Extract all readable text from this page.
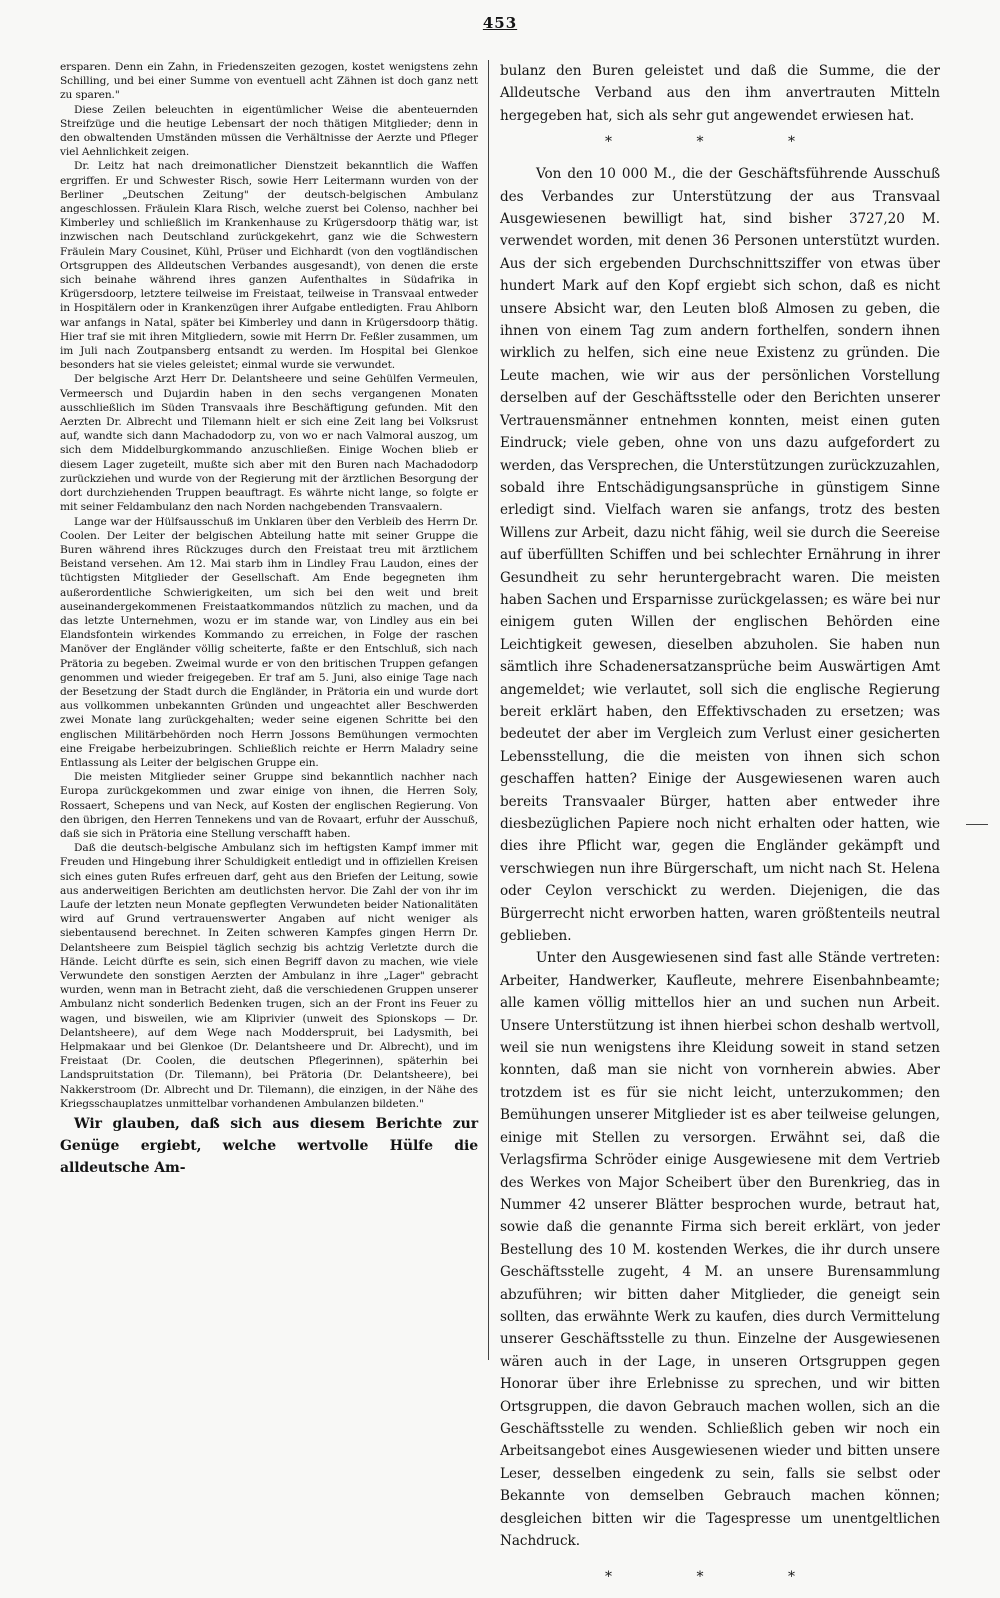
453

ersparen. Denn ein Zahn, in Friedenszeiten gezogen, kostet wenigstens zehn Schilling, und bei einer Summe von eventuell acht Zähnen ist doch ganz nett zu sparen."

Diese Zeilen beleuchten in eigentümlicher Weise die abenteuernden Streifzüge und die heutige Lebensart der noch thätigen Mitglieder; denn in den obwaltenden Umständen müssen die Verhältnisse der Aerzte und Pfleger viel Aehnlichkeit zeigen.

Dr. Leitz hat nach dreimonatlicher Dienstzeit bekanntlich die Waffen ergriffen. Er und Schwester Risch, sowie Herr Leitermann wurden von der Berliner „Deutschen Zeitung" der deutsch-belgischen Ambulanz angeschlossen. Fräulein Klara Risch, welche zuerst bei Colenso, nachher bei Kimberley und schließlich im Krankenhause zu Krügersdoorp thätig war, ist inzwischen nach Deutschland zurückgekehrt, ganz wie die Schwestern Fräulein Mary Cousinet, Kühl, Prüser und Eichhardt (von den vogtländischen Ortsgruppen des Alldeutschen Verbandes ausgesandt), von denen die erste sich beinahe während ihres ganzen Aufenthaltes in Südafrika in Krügersdoorp, letztere teilweise im Freistaat, teilweise in Transvaal entweder in Hospitälern oder in Krankenzügen ihrer Aufgabe entledigten. Frau Ahlborn war anfangs in Natal, später bei Kimberley und dann in Krügersdoorp thätig. Hier traf sie mit ihren Mitgliedern, sowie mit Herrn Dr. Feßler zusammen, um im Juli nach Zoutpansberg entsandt zu werden. Im Hospital bei Glenkoe besonders hat sie vieles geleistet; einmal wurde sie verwundet.

Der belgische Arzt Herr Dr. Delantsheere und seine Gehülfen Vermeulen, Vermeersch und Dujardin haben in den sechs vergangenen Monaten ausschließlich im Süden Transvaals ihre Beschäftigung gefunden. Mit den Aerzten Dr. Albrecht und Tilemann hielt er sich eine Zeit lang bei Volksrust auf, wandte sich dann Machadodorp zu, von wo er nach Valmoral auszog, um sich dem Middelburgkommando anzuschließen. Einige Wochen blieb er diesem Lager zugeteilt, mußte sich aber mit den Buren nach Machadodorp zurückziehen und wurde von der Regierung mit der ärztlichen Besorgung der dort durchziehenden Truppen beauftragt. Es währte nicht lange, so folgte er mit seiner Feldambulanz den nach Norden nachgebenden Transvaalern.

Lange war der Hülfsausschuß im Unklaren über den Verbleib des Herrn Dr. Coolen. Der Leiter der belgischen Abteilung hatte mit seiner Gruppe die Buren während ihres Rückzuges durch den Freistaat treu mit ärztlichem Beistand versehen. Am 12. Mai starb ihm in Lindley Frau Laudon, eines der tüchtigsten Mitglieder der Gesellschaft. Am Ende begegneten ihm außerordentliche Schwierigkeiten, um sich bei den weit und breit auseinandergekommenen Freistaatkommandos nützlich zu machen, und da das letzte Unternehmen, wozu er im stande war, von Lindley aus ein bei Elandsfontein wirkendes Kommando zu erreichen, in Folge der raschen Manöver der Engländer völlig scheiterte, faßte er den Entschluß, sich nach Prätoria zu begeben. Zweimal wurde er von den britischen Truppen gefangen genommen und wieder freigegeben. Er traf am 5. Juni, also einige Tage nach der Besetzung der Stadt durch die Engländer, in Prätoria ein und wurde dort aus vollkommen unbekannten Gründen und ungeachtet aller Beschwerden zwei Monate lang zurückgehalten; weder seine eigenen Schritte bei den englischen Militärbehörden noch Herrn Jossons Bemühungen vermochten eine Freigabe herbeizubringen. Schließlich reichte er Herrn Maladry seine Entlassung als Leiter der belgischen Gruppe ein.

Die meisten Mitglieder seiner Gruppe sind bekanntlich nachher nach Europa zurückgekommen und zwar einige von ihnen, die Herren Soly, Rossaert, Schepens und van Neck, auf Kosten der englischen Regierung. Von den übrigen, den Herren Tennekens und van de Rovaart, erfuhr der Ausschuß, daß sie sich in Prätoria eine Stellung verschafft haben.

Daß die deutsch-belgische Ambulanz sich im heftigsten Kampf immer mit Freuden und Hingebung ihrer Schuldigkeit entledigt und in offiziellen Kreisen sich eines guten Rufes erfreuen darf, geht aus den Briefen der Leitung, sowie aus anderweitigen Berichten am deutlichsten hervor. Die Zahl der von ihr im Laufe der letzten neun Monate gepflegten Verwundeten beider Nationalitäten wird auf Grund vertrauenswerter Angaben auf nicht weniger als siebentausend berechnet. In Zeiten schweren Kampfes gingen Herrn Dr. Delantsheere zum Beispiel täglich sechzig bis achtzig Verletzte durch die Hände. Leicht dürfte es sein, sich einen Begriff davon zu machen, wie viele Verwundete den sonstigen Aerzten der Ambulanz in ihre „Lager" gebracht wurden, wenn man in Betracht zieht, daß die verschiedenen Gruppen unserer Ambulanz nicht sonderlich Bedenken trugen, sich an der Front ins Feuer zu wagen, und bisweilen, wie am Kliprivier (unweit des Spionskops — Dr. Delantsheere), auf dem Wege nach Modderspruit, bei Ladysmith, bei Helpmakaar und bei Glenkoe (Dr. Delantsheere und Dr. Albrecht), und im Freistaat (Dr. Coolen, die deutschen Pflegerinnen), späterhin bei Landspruitstation (Dr. Tilemann), bei Prätoria (Dr. Delantsheere), bei Nakkerstroom (Dr. Albrecht und Dr. Tilemann), die einzigen, in der Nähe des Kriegsschauplatzes unmittelbar vorhandenen Ambulanzen bildeten."

Wir glauben, daß sich aus diesem Berichte zur Genüge ergiebt, welche wertvolle Hülfe die alldeutsche Am-

bulanz den Buren geleistet und daß die Summe, die der Alldeutsche Verband aus den ihm anvertrauten Mitteln hergegeben hat, sich als sehr gut angewendet erwiesen hat.

* * *

Von den 10 000 M., die der Geschäftsführende Ausschuß des Verbandes zur Unterstützung der aus Transvaal Ausgewiesenen bewilligt hat, sind bisher 3727,20 M. verwendet worden, mit denen 36 Personen unterstützt wurden. Aus der sich ergebenden Durchschnittsziffer von etwas über hundert Mark auf den Kopf ergiebt sich schon, daß es nicht unsere Absicht war, den Leuten bloß Almosen zu geben, die ihnen von einem Tag zum andern forthelfen, sondern ihnen wirklich zu helfen, sich eine neue Existenz zu gründen. Die Leute machen, wie wir aus der persönlichen Vorstellung derselben auf der Geschäftsstelle oder den Berichten unserer Vertrauensmänner entnehmen konnten, meist einen guten Eindruck; viele geben, ohne von uns dazu aufgefordert zu werden, das Versprechen, die Unterstützungen zurückzuzahlen, sobald ihre Entschädigungsansprüche in günstigem Sinne erledigt sind. Vielfach waren sie anfangs, trotz des besten Willens zur Arbeit, dazu nicht fähig, weil sie durch die Seereise auf überfüllten Schiffen und bei schlechter Ernährung in ihrer Gesundheit zu sehr heruntergebracht waren. Die meisten haben Sachen und Ersparnisse zurückgelassen; es wäre bei nur einigem guten Willen der englischen Behörden eine Leichtigkeit gewesen, dieselben abzuholen. Sie haben nun sämtlich ihre Schadenersatzansprüche beim Auswärtigen Amt angemeldet; wie verlautet, soll sich die englische Regierung bereit erklärt haben, den Effektivschaden zu ersetzen; was bedeutet der aber im Vergleich zum Verlust einer gesicherten Lebensstellung, die die meisten von ihnen sich schon geschaffen hatten? Einige der Ausgewiesenen waren auch bereits Transvaaler Bürger, hatten aber entweder ihre diesbezüglichen Papiere noch nicht erhalten oder hatten, wie dies ihre Pflicht war, gegen die Engländer gekämpft und verschwiegen nun ihre Bürgerschaft, um nicht nach St. Helena oder Ceylon verschickt zu werden. Diejenigen, die das Bürgerrecht nicht erworben hatten, waren größtenteils neutral geblieben.

Unter den Ausgewiesenen sind fast alle Stände vertreten: Arbeiter, Handwerker, Kaufleute, mehrere Eisenbahnbeamte; alle kamen völlig mittellos hier an und suchen nun Arbeit. Unsere Unterstützung ist ihnen hierbei schon deshalb wertvoll, weil sie nun wenigstens ihre Kleidung soweit in stand setzen konnten, daß man sie nicht von vornherein abwies. Aber trotzdem ist es für sie nicht leicht, unterzukommen; den Bemühungen unserer Mitglieder ist es aber teilweise gelungen, einige mit Stellen zu versorgen. Erwähnt sei, daß die Verlagsfirma Schröder einige Ausgewiesene mit dem Vertrieb des Werkes von Major Scheibert über den Burenkrieg, das in Nummer 42 unserer Blätter besprochen wurde, betraut hat, sowie daß die genannte Firma sich bereit erklärt, von jeder Bestellung des 10 M. kostenden Werkes, die ihr durch unsere Geschäftsstelle zugeht, 4 M. an unsere Burensammlung abzuführen; wir bitten daher Mitglieder, die geneigt sein sollten, das erwähnte Werk zu kaufen, dies durch Vermittelung unserer Geschäftsstelle zu thun. Einzelne der Ausgewiesenen wären auch in der Lage, in unseren Ortsgruppen gegen Honorar über ihre Erlebnisse zu sprechen, und wir bitten Ortsgruppen, die davon Gebrauch machen wollen, sich an die Geschäftsstelle zu wenden. Schließlich geben wir noch ein Arbeitsangebot eines Ausgewiesenen wieder und bitten unsere Leser, desselben eingedenk zu sein, falls sie selbst oder Bekannte von demselben Gebrauch machen können; desgleichen bitten wir die Tagespresse um unentgeltlichen Nachdruck.

* * *
